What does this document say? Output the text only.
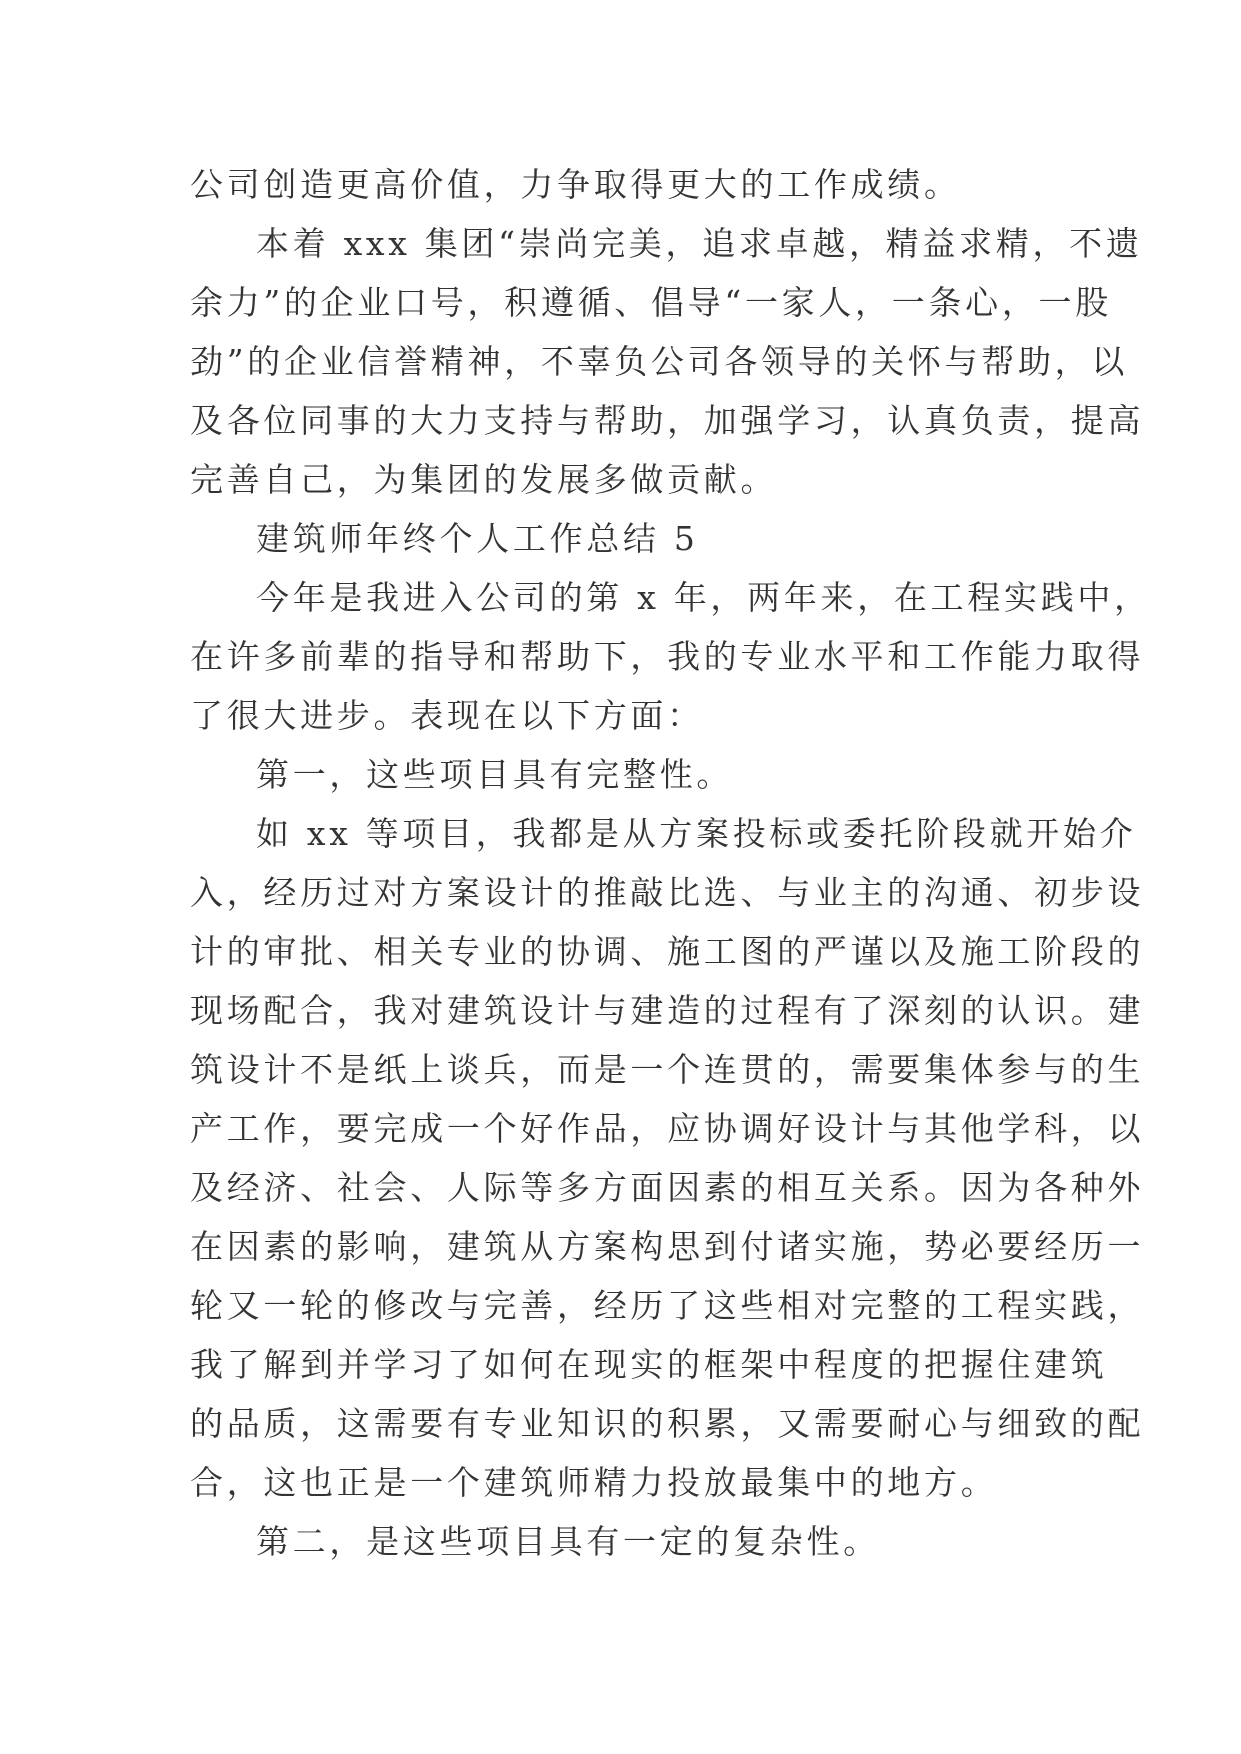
公司创造更高价值，力争取得更大的工作成绩。
本着 xxx 集团“崇尚完美，追求卓越，精益求精，不遗
余力”的企业口号，积遵循、倡导“一家人，一条心，一股
劲”的企业信誉精神，不辜负公司各领导的关怀与帮助，以
及各位同事的大力支持与帮助，加强学习，认真负责，提高
完善自己，为集团的发展多做贡献。
建筑师年终个人工作总结 5
今年是我进入公司的第 x 年，两年来，在工程实践中，
在许多前辈的指导和帮助下，我的专业水平和工作能力取得
了很大进步。表现在以下方面：
第一，这些项目具有完整性。
如 xx 等项目，我都是从方案投标或委托阶段就开始介
入，经历过对方案设计的推敲比选、与业主的沟通、初步设
计的审批、相关专业的协调、施工图的严谨以及施工阶段的
现场配合，我对建筑设计与建造的过程有了深刻的认识。建
筑设计不是纸上谈兵，而是一个连贯的，需要集体参与的生
产工作，要完成一个好作品，应协调好设计与其他学科，以
及经济、社会、人际等多方面因素的相互关系。因为各种外
在因素的影响，建筑从方案构思到付诸实施，势必要经历一
轮又一轮的修改与完善，经历了这些相对完整的工程实践，
我了解到并学习了如何在现实的框架中程度的把握住建筑
的品质，这需要有专业知识的积累，又需要耐心与细致的配
合，这也正是一个建筑师精力投放最集中的地方。
第二，是这些项目具有一定的复杂性。
